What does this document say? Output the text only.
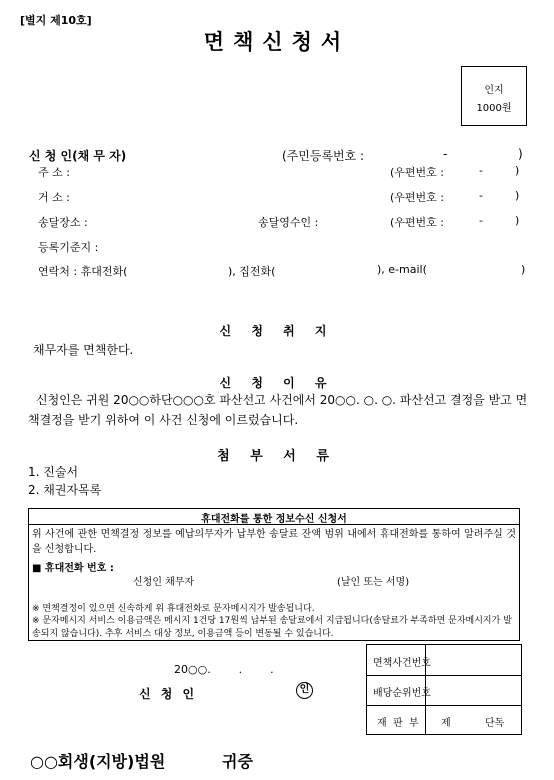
[별지 제10호]
면책신청서
인지
1000원
신 청 인(채 무 자)	(주민등록번호 :	-	)
주 소 :	(우편번호 :	-	)
거 소 :	(우편번호 :	-	)
송달장소 :	송달영수인 :	(우편번호 :	-	)
등록기준지 :
연락처 : 휴대전화(	), 집전화(	), e-mail(	)
신 청 취 지
채무자를 면책한다.
신 청 이 유
신청인은 귀원 20○○하단○○○호 파산선고 사건에서 20○○. ○. ○. 파산선고 결정을 받고 면책결정을 받기 위하여 이 사건 신청에 이르렀습니다.
첨 부 서 류
1. 진술서
2. 채권자목록
휴대전화를 통한 정보수신 신청서
위 사건에 관한 면책결정 정보를 예납의무자가 납부한 송달료 잔액 범위 내에서 휴대전화를 통하여 알려주실 것을 신청합니다.
■ 휴대전화 번호 :
신청인 채무자	(날인 또는 서명)
※ 면책결정이 있으면 신속하게 위 휴대전화로 문자메시지가 발송됩니다.
※ 문자메시지 서비스 이용금액은 메시지 1건당 17원씩 납부된 송달료에서 지급됩니다(송달료가 부족하면 문자메시지가 발송되지 않습니다). 추후 서비스 대상 정보, 이용금액 등이 변동될 수 있습니다.
20○○.        .        .
신 청 인	인
면책사건번호
배당순위번호
재  판  부 제	단독
○○회생(지방)법원	귀중
